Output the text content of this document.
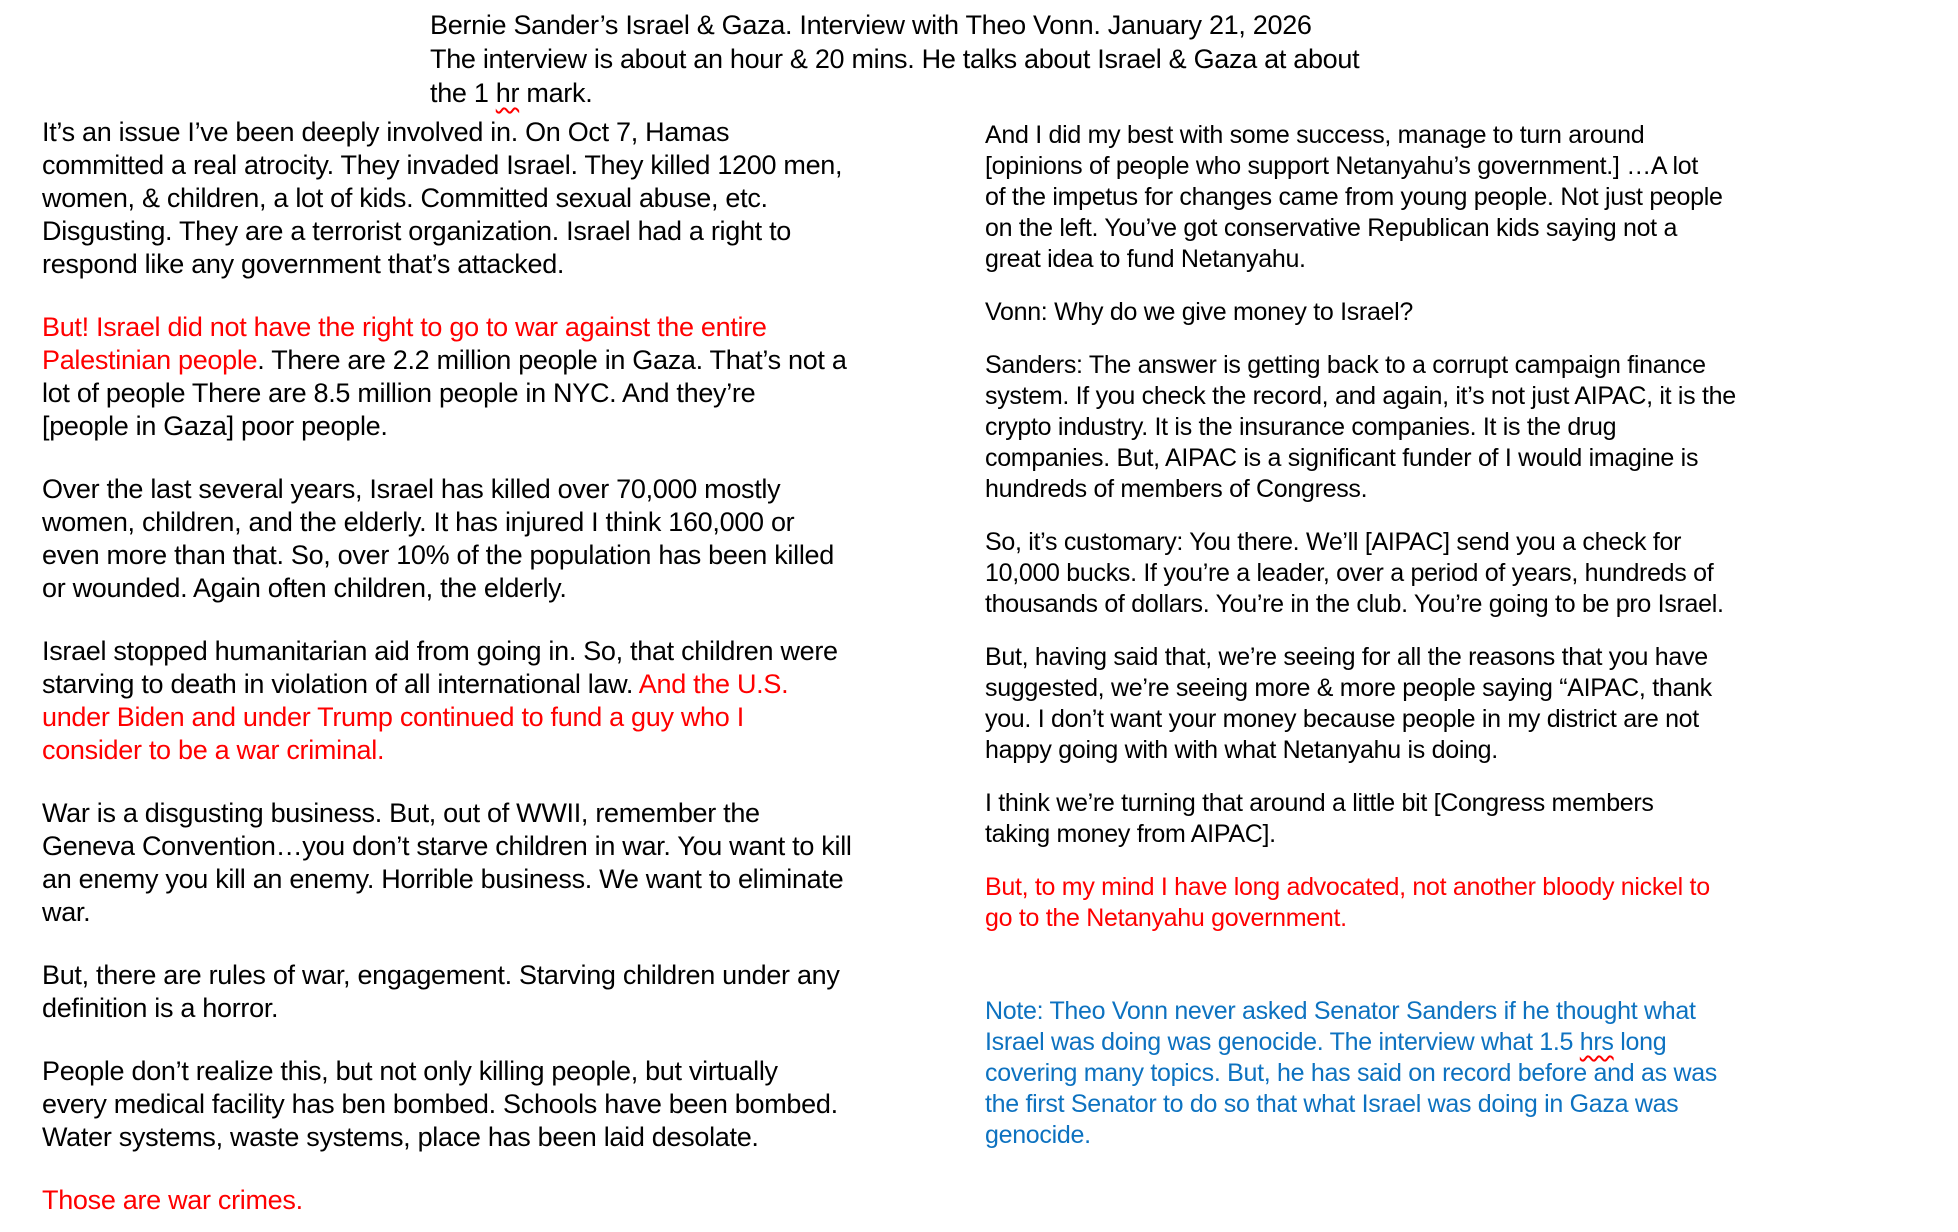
Bernie Sander’s Israel & Gaza. Interview with Theo Vonn. January 21, 2026
The interview is about an hour & 20 mins. He talks about Israel & Gaza at about
the 1 hr mark.
It’s an issue I’ve been deeply involved in. On Oct 7, Hamas
committed a real atrocity. They invaded Israel. They killed 1200 men,
women, & children, a lot of kids. Committed sexual abuse, etc.
Disgusting. They are a terrorist organization. Israel had a right to
respond like any government that’s attacked.
But! Israel did not have the right to go to war against the entire
Palestinian people. There are 2.2 million people in Gaza. That’s not a
lot of people There are 8.5 million people in NYC. And they’re
[people in Gaza] poor people.
Over the last several years, Israel has killed over 70,000 mostly
women, children, and the elderly. It has injured I think 160,000 or
even more than that. So, over 10% of the population has been killed
or wounded. Again often children, the elderly.
Israel stopped humanitarian aid from going in. So, that children were
starving to death in violation of all international law. And the U.S.
under Biden and under Trump continued to fund a guy who I
consider to be a war criminal.
War is a disgusting business. But, out of WWII, remember the
Geneva Convention…you don’t starve children in war. You want to kill
an enemy you kill an enemy. Horrible business. We want to eliminate
war.
But, there are rules of war, engagement. Starving children under any
definition is a horror.
People don’t realize this, but not only killing people, but virtually
every medical facility has ben bombed. Schools have been bombed.
Water systems, waste systems, place has been laid desolate.
Those are war crimes.
And I did my best with some success, manage to turn around
[opinions of people who support Netanyahu’s government.] …A lot
of the impetus for changes came from young people. Not just people
on the left. You’ve got conservative Republican kids saying not a
great idea to fund Netanyahu.
Vonn: Why do we give money to Israel?
Sanders: The answer is getting back to a corrupt campaign finance
system. If you check the record, and again, it’s not just AIPAC, it is the
crypto industry. It is the insurance companies. It is the drug
companies. But, AIPAC is a significant funder of I would imagine is
hundreds of members of Congress.
So, it’s customary: You there. We’ll [AIPAC] send you a check for
10,000 bucks. If you’re a leader, over a period of years, hundreds of
thousands of dollars. You’re in the club. You’re going to be pro Israel.
But, having said that, we’re seeing for all the reasons that you have
suggested, we’re seeing more & more people saying “AIPAC, thank
you. I don’t want your money because people in my district are not
happy going with with what Netanyahu is doing.
I think we’re turning that around a little bit [Congress members
taking money from AIPAC].
But, to my mind I have long advocated, not another bloody nickel to
go to the Netanyahu government.
Note: Theo Vonn never asked Senator Sanders if he thought what
Israel was doing was genocide. The interview what 1.5 hrs long
covering many topics. But, he has said on record before and as was
the first Senator to do so that what Israel was doing in Gaza was
genocide.
